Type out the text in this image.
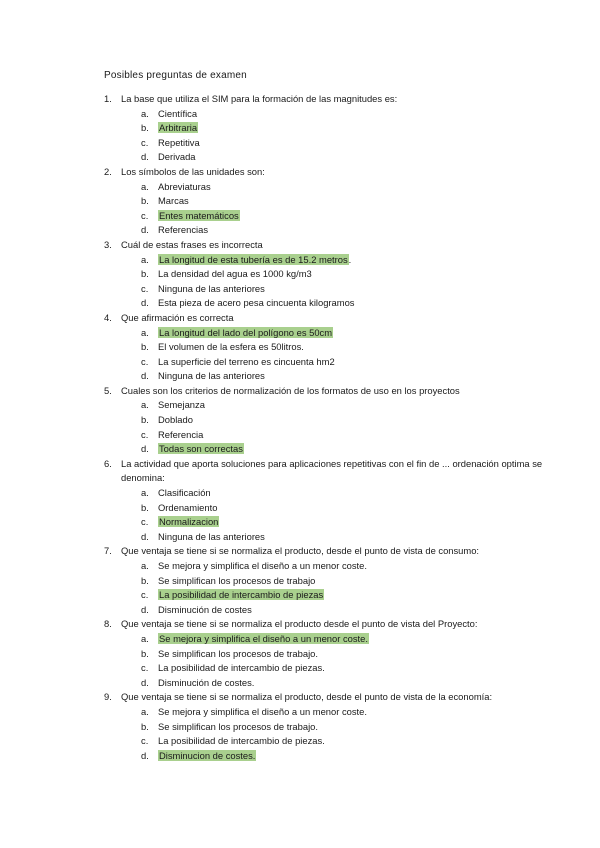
Posibles preguntas de examen
1. La base que utiliza el SIM para la formación de las magnitudes es:
a. Científica
b. Arbitraria
c. Repetitiva
d. Derivada
2. Los símbolos de las unidades son:
a. Abreviaturas
b. Marcas
c. Entes matemáticos
d. Referencias
3. Cuál de estas frases es incorrecta
a. La longitud de esta tubería es de 15.2 metros.
b. La densidad del agua es 1000 kg/m3
c. Ninguna de las anteriores
d. Esta pieza de acero pesa cincuenta kilogramos
4. Que afirmación es correcta
a. La longitud del lado del polígono es 50cm
b. El volumen de la esfera es 50litros.
c. La superficie del terreno es cincuenta hm2
d. Ninguna de las anteriores
5. Cuales son los criterios de normalización de los formatos de uso en los proyectos
a. Semejanza
b. Doblado
c. Referencia
d. Todas son correctas
6. La actividad que aporta soluciones para aplicaciones repetitivas con el fin de ... ordenación optima se denomina:
a. Clasificación
b. Ordenamiento
c. Normalizacion
d. Ninguna de las anteriores
7. Que ventaja se tiene si se normaliza el producto, desde el punto de vista de consumo:
a. Se mejora y simplifica el diseño a un menor coste.
b. Se simplifican los procesos de trabajo
c. La posibilidad de intercambio de piezas
d. Disminución de costes
8. Que ventaja se tiene si se normaliza el producto desde el punto de vista del Proyecto:
a. Se mejora y simplifica el diseño a un menor coste.
b. Se simplifican los procesos de trabajo.
c. La posibilidad de intercambio de piezas.
d. Disminución de costes.
9. Que ventaja se tiene si se normaliza el producto, desde el punto de vista de la economía:
a. Se mejora y simplifica el diseño a un menor coste.
b. Se simplifican los procesos de trabajo.
c. La posibilidad de intercambio de piezas.
d. Disminucion de costes.
